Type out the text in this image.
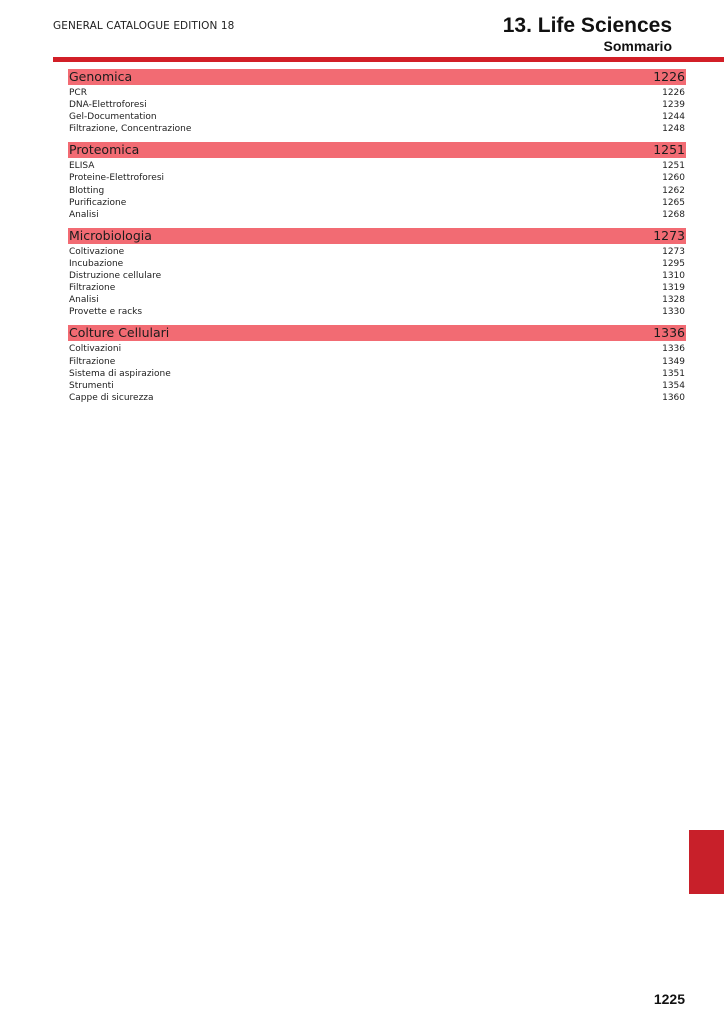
GENERAL CATALOGUE EDITION 18	13. Life Sciences
Sommario
Genomica	1226
PCR	1226
DNA-Elettroforesi	1239
Gel-Documentation	1244
Filtrazione, Concentrazione	1248
Proteomica	1251
ELISA	1251
Proteine-Elettroforesi	1260
Blotting	1262
Purificazione	1265
Analisi	1268
Microbiologia	1273
Coltivazione	1273
Incubazione	1295
Distruzione cellulare	1310
Filtrazione	1319
Analisi	1328
Provette e racks	1330
Colture Cellulari	1336
Coltivazioni	1336
Filtrazione	1349
Sistema di aspirazione	1351
Strumenti	1354
Cappe di sicurezza	1360
1225
